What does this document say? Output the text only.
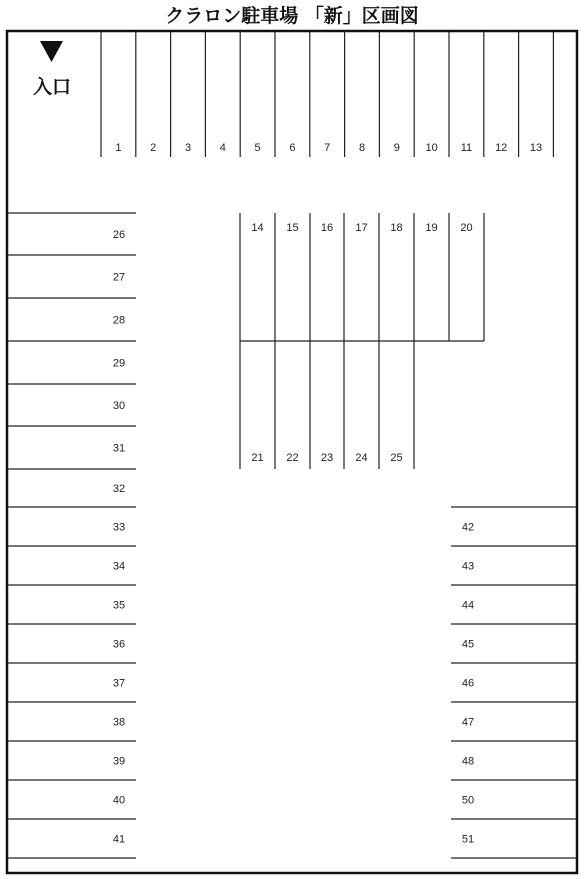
クラロン駐車場 「新」区画図
入口
1	2	3	4	5	6	7	8	9 10 11 12 13
14 15 16 17 18 19 20
21 22 23 24 25
26
27
28
29
30
31
32
33
34
35
36
37
38
39
40
41
42
43
44
45
46
47
48
50
51
